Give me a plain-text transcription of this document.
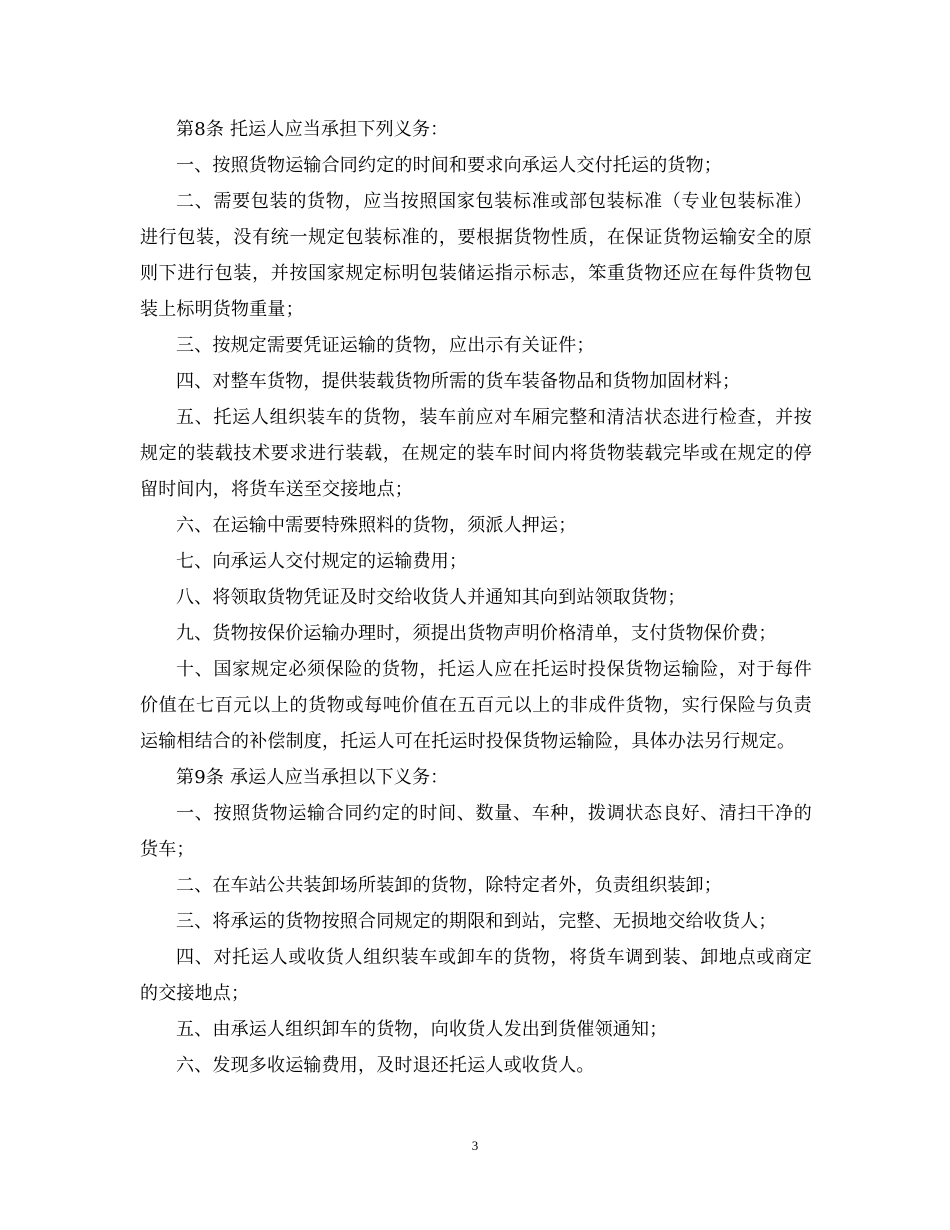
第8条 托运人应当承担下列义务：

一、按照货物运输合同约定的时间和要求向承运人交付托运的货物；

二、需要包装的货物，应当按照国家包装标准或部包装标准（专业包装标准）进行包装，没有统一规定包装标准的，要根据货物性质，在保证货物运输安全的原则下进行包装，并按国家规定标明包装储运指示标志，笨重货物还应在每件货物包装上标明货物重量；

三、按规定需要凭证运输的货物，应出示有关证件；

四、对整车货物，提供装载货物所需的货车装备物品和货物加固材料；

五、托运人组织装车的货物，装车前应对车厢完整和清洁状态进行检查，并按规定的装载技术要求进行装载，在规定的装车时间内将货物装载完毕或在规定的停留时间内，将货车送至交接地点；

六、在运输中需要特殊照料的货物，须派人押运；

七、向承运人交付规定的运输费用；

八、将领取货物凭证及时交给收货人并通知其向到站领取货物；

九、货物按保价运输办理时，须提出货物声明价格清单，支付货物保价费；

十、国家规定必须保险的货物，托运人应在托运时投保货物运输险，对于每件价值在七百元以上的货物或每吨价值在五百元以上的非成件货物，实行保险与负责运输相结合的补偿制度，托运人可在托运时投保货物运输险，具体办法另行规定。

第9条 承运人应当承担以下义务：

一、按照货物运输合同约定的时间、数量、车种，拨调状态良好、清扫干净的货车；

二、在车站公共装卸场所装卸的货物，除特定者外，负责组织装卸；

三、将承运的货物按照合同规定的期限和到站，完整、无损地交给收货人；

四、对托运人或收货人组织装车或卸车的货物，将货车调到装、卸地点或商定的交接地点；

五、由承运人组织卸车的货物，向收货人发出到货催领通知；

六、发现多收运输费用，及时退还托运人或收货人。

3
